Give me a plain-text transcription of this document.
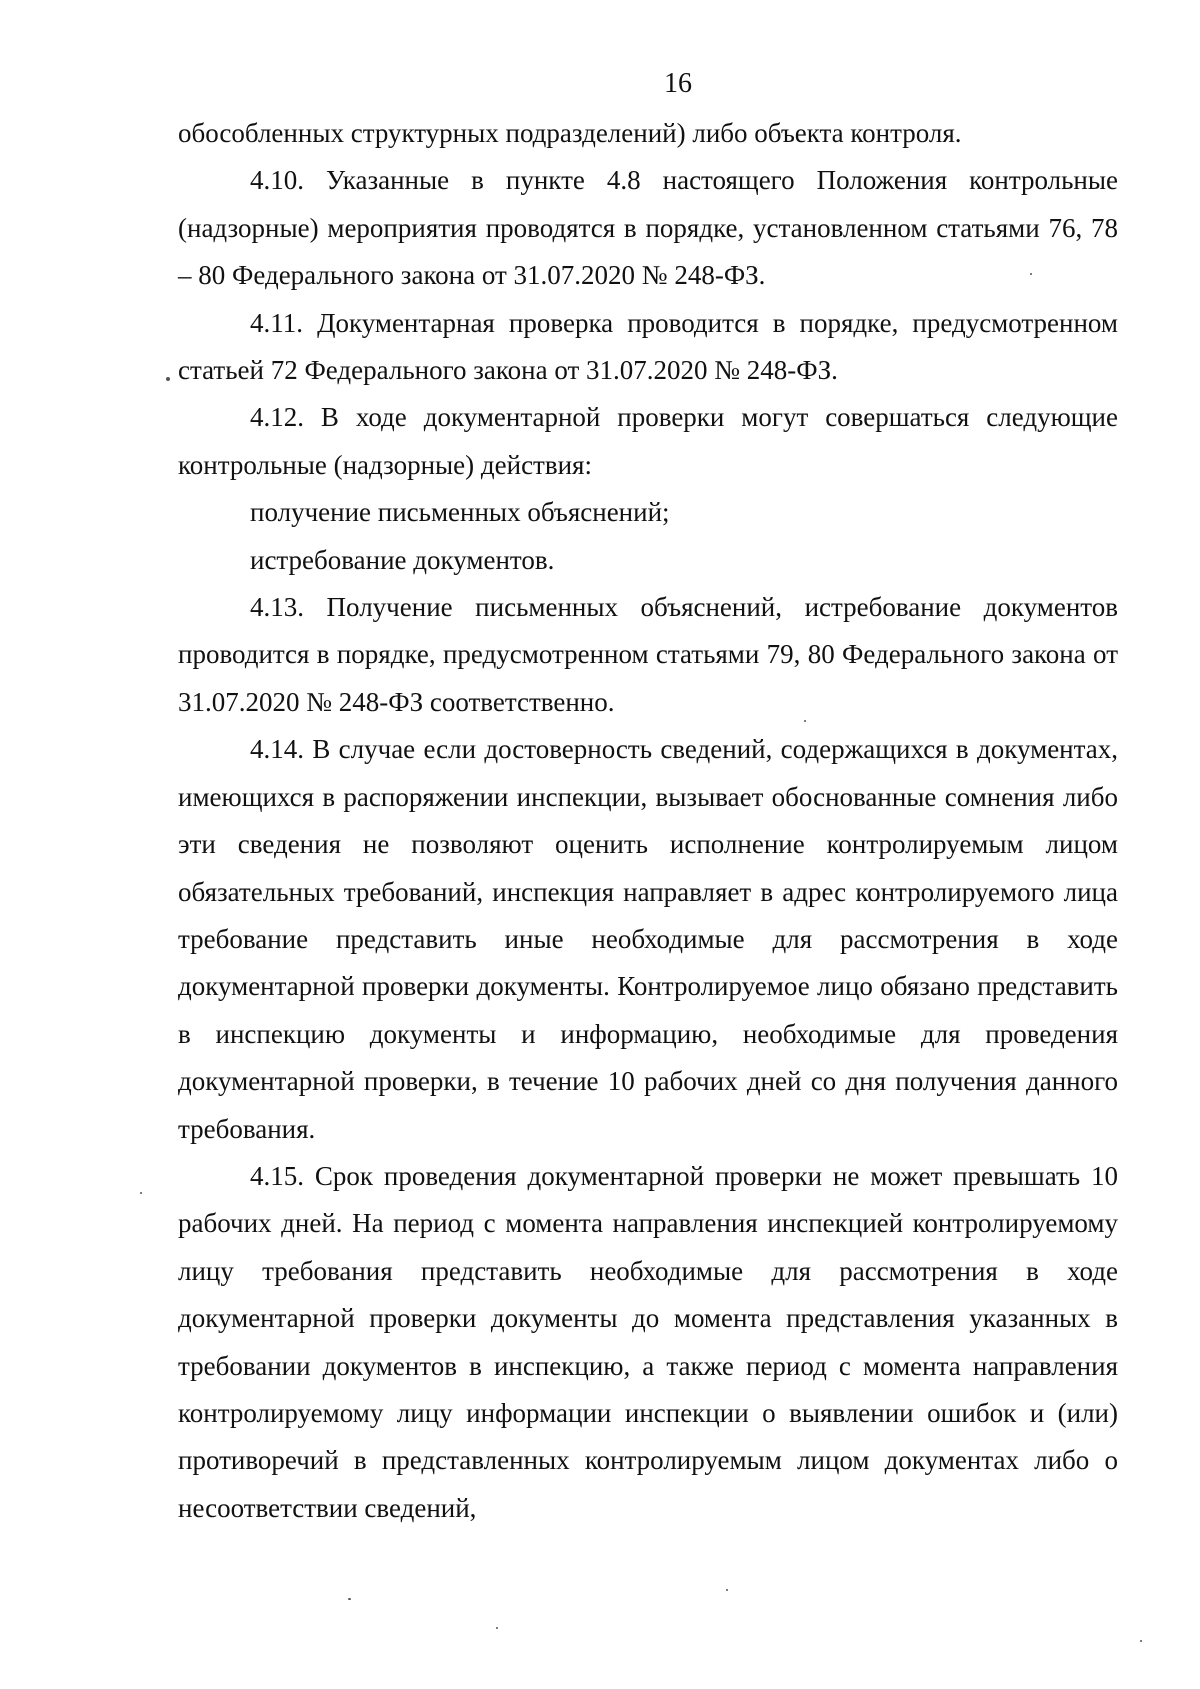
16

обособленных структурных подразделений) либо объекта контроля.

4.10. Указанные в пункте 4.8 настоящего Положения контрольные (надзорные) мероприятия проводятся в порядке, установленном статьями 76, 78 – 80 Федерального закона от 31.07.2020 № 248-ФЗ.

4.11. Документарная проверка проводится в порядке, предусмотренном статьей 72 Федерального закона от 31.07.2020 № 248-ФЗ.

4.12. В ходе документарной проверки могут совершаться следующие контрольные (надзорные) действия:

получение письменных объяснений;

истребование документов.

4.13. Получение письменных объяснений, истребование документов проводится в порядке, предусмотренном статьями 79, 80 Федерального закона от 31.07.2020 № 248-ФЗ соответственно.

4.14. В случае если достоверность сведений, содержащихся в документах, имеющихся в распоряжении инспекции, вызывает обоснованные сомнения либо эти сведения не позволяют оценить исполнение контролируемым лицом обязательных требований, инспекция направляет в адрес контролируемого лица требование представить иные необходимые для рассмотрения в ходе документарной проверки документы. Контролируемое лицо обязано представить в инспекцию документы и информацию, необходимые для проведения документарной проверки, в течение 10 рабочих дней со дня получения данного требования.

4.15. Срок проведения документарной проверки не может превышать 10 рабочих дней. На период с момента направления инспекцией контролируемому лицу требования представить необходимые для рассмотрения в ходе документарной проверки документы до момента представления указанных в требовании документов в инспекцию, а также период с момента направления контролируемому лицу информации инспекции о выявлении ошибок и (или) противоречий в представленных контролируемым лицом документах либо о несоответствии сведений,
